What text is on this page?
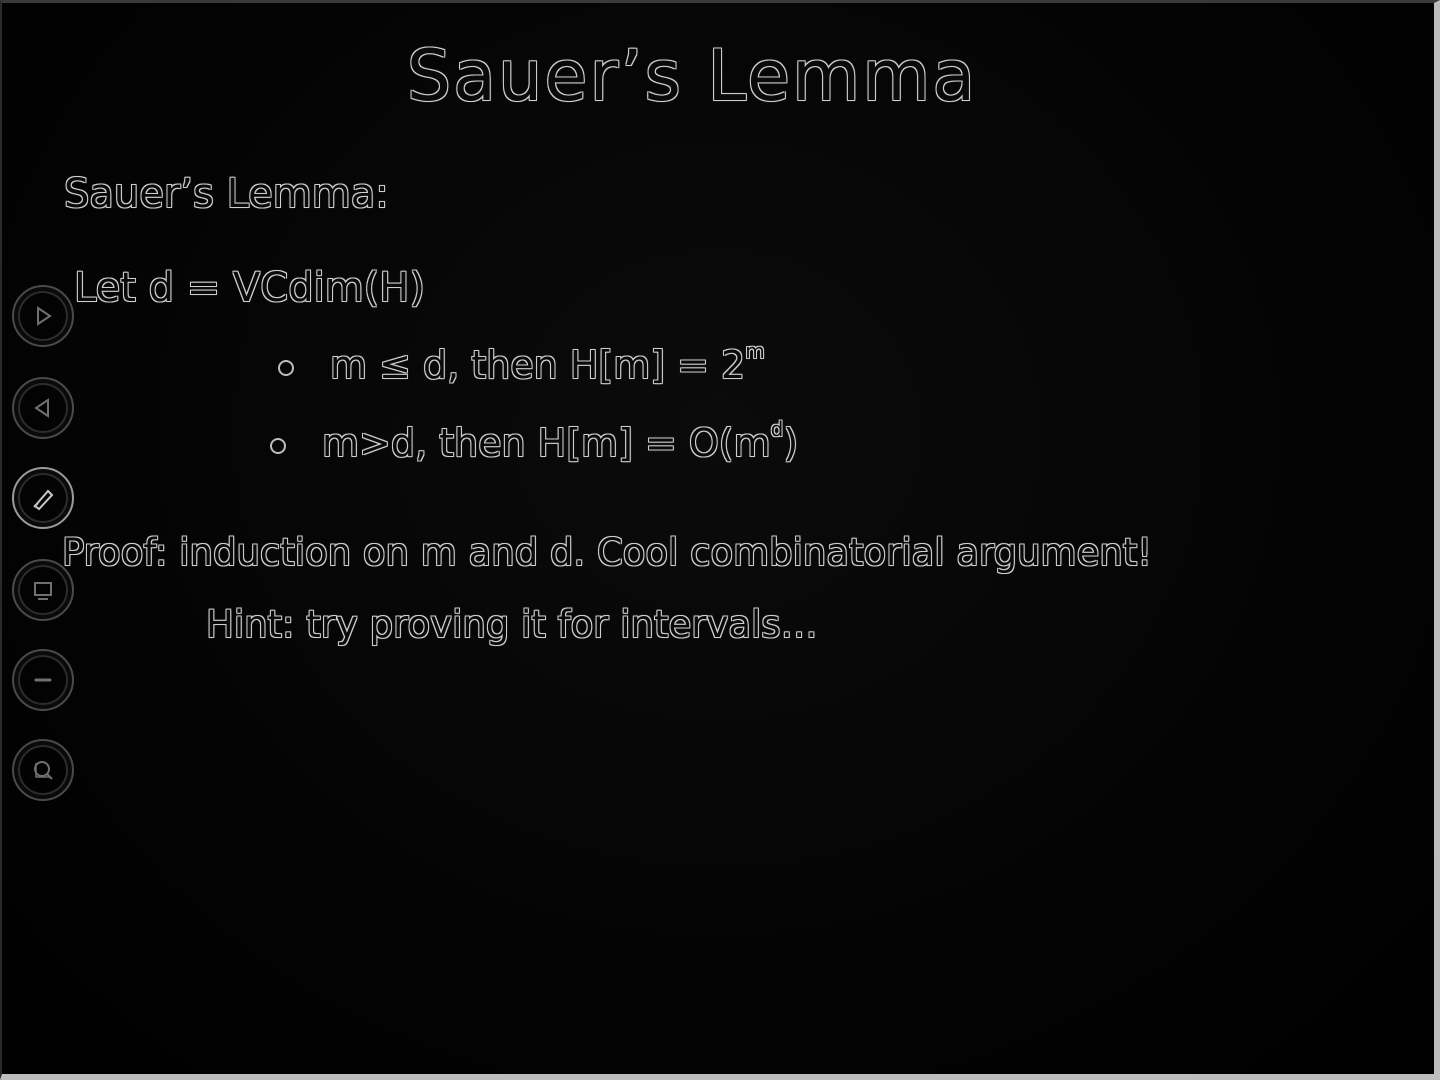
Sauer’s Lemma
Sauer’s Lemma:
Let d = VCdim(H)
m ≤ d, then $H[m] = 2^m$
m>d, then $H[m] = O(m^d)$
Proof: induction on m and d. Cool combinatorial argument!
Hint: try proving it for intervals…
